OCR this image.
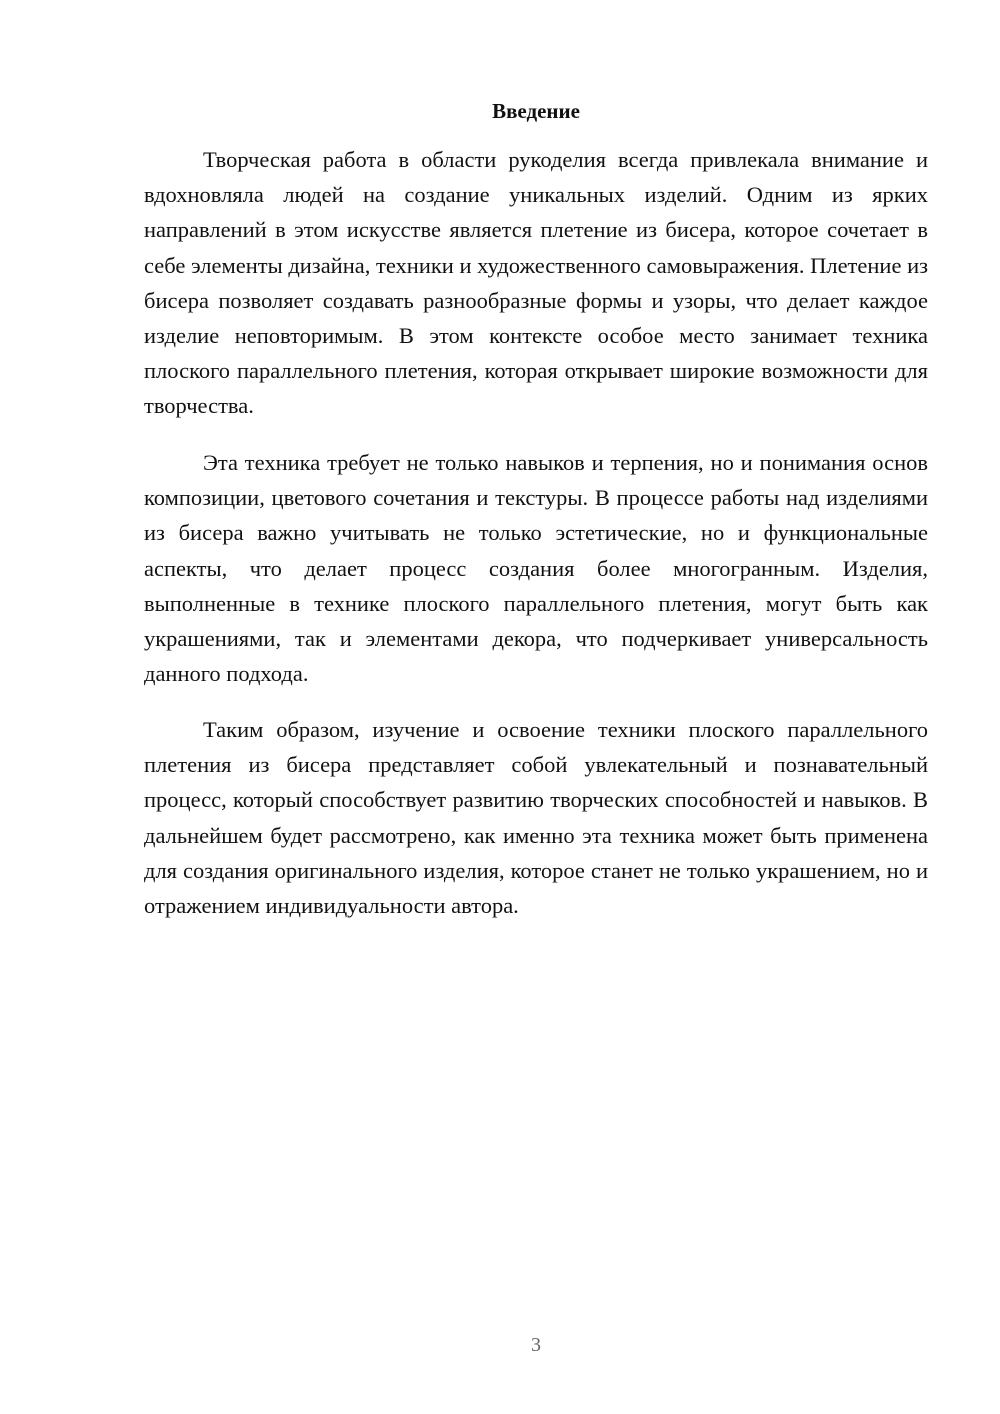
Введение

Творческая работа в области рукоделия всегда привлекала внимание и вдохновляла людей на создание уникальных изделий. Одним из ярких направлений в этом искусстве является плетение из бисера, которое сочетает в себе элементы дизайна, техники и художественного самовыражения. Плетение из бисера позволяет создавать разнообразные формы и узоры, что делает каждое изделие неповторимым. В этом контексте особое место занимает техника плоского параллельного плетения, которая открывает широкие возможности для творчества.

Эта техника требует не только навыков и терпения, но и понимания основ композиции, цветового сочетания и текстуры. В процессе работы над изделиями из бисера важно учитывать не только эстетические, но и функциональные аспекты, что делает процесс создания более многогранным. Изделия, выполненные в технике плоского параллельного плетения, могут быть как украшениями, так и элементами декора, что подчеркивает универсальность данного подхода.

Таким образом, изучение и освоение техники плоского параллельного плетения из бисера представляет собой увлекательный и познавательный процесс, который способствует развитию творческих способностей и навыков. В дальнейшем будет рассмотрено, как именно эта техника может быть применена для создания оригинального изделия, которое станет не только украшением, но и отражением индивидуальности автора.

3
